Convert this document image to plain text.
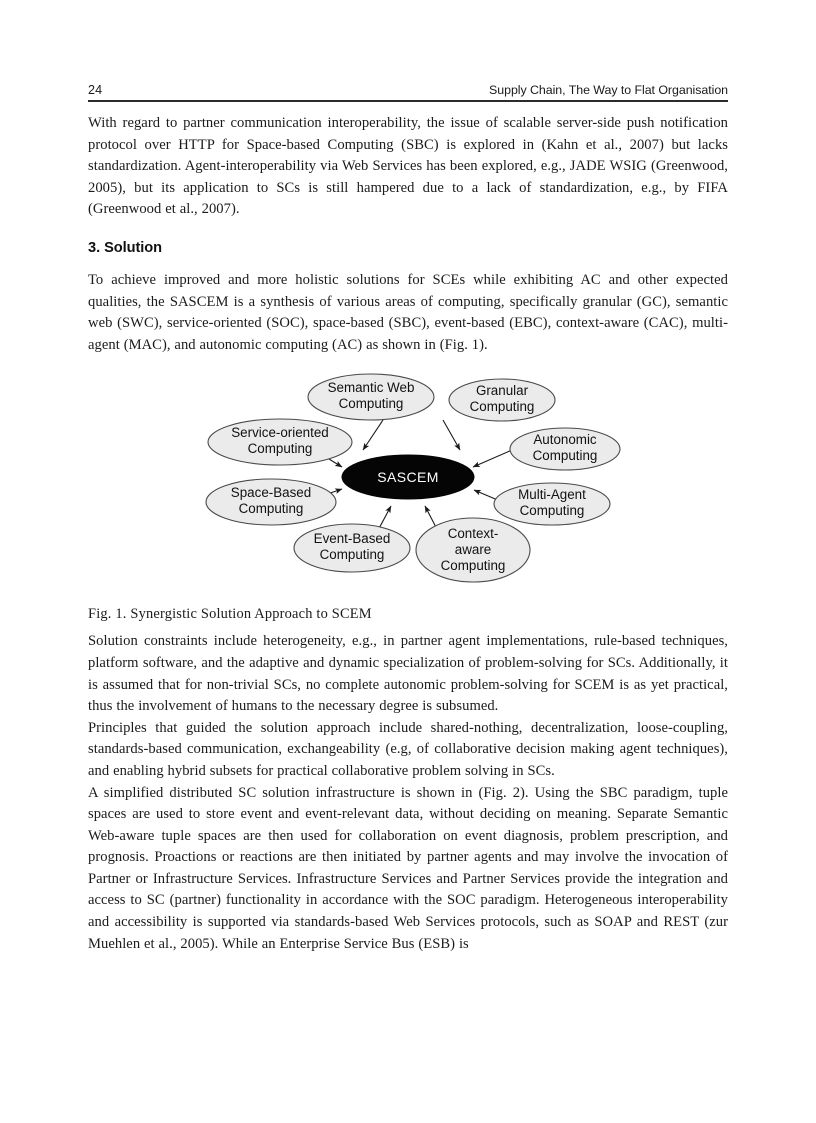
24	Supply Chain, The Way to Flat Organisation

With regard to partner communication interoperability, the issue of scalable server-side push notification protocol over HTTP for Space-based Computing (SBC) is explored in (Kahn et al., 2007) but lacks standardization. Agent-interoperability via Web Services has been explored, e.g., JADE WSIG (Greenwood, 2005), but its application to SCs is still hampered due to a lack of standardization, e.g., by FIFA (Greenwood et al., 2007).

3. Solution

To achieve improved and more holistic solutions for SCEs while exhibiting AC and other expected qualities, the SASCEM is a synthesis of various areas of computing, specifically granular (GC), semantic web (SWC), service-oriented (SOC), space-based (SBC), event-based (EBC), context-aware (CAC), multi-agent (MAC), and autonomic computing (AC) as shown in (Fig. 1).

Semantic Web
Computing
Granular
Computing
Autonomic
Computing
Multi-Agent
Computing
Context-
aware
Computing
Event-Based
Computing
Space-Based
Computing
Service-oriented
Computing
SASCEM

Fig. 1. Synergistic Solution Approach to SCEM

Solution constraints include heterogeneity, e.g., in partner agent implementations, rule-based techniques, platform software, and the adaptive and dynamic specialization of problem-solving for SCs. Additionally, it is assumed that for non-trivial SCs, no complete autonomic problem-solving for SCEM is as yet practical, thus the involvement of humans to the necessary degree is subsumed.

Principles that guided the solution approach include shared-nothing, decentralization, loose-coupling, standards-based communication, exchangeability (e.g, of collaborative decision making agent techniques), and enabling hybrid subsets for practical collaborative problem solving in SCs.

A simplified distributed SC solution infrastructure is shown in (Fig. 2). Using the SBC paradigm, tuple spaces are used to store event and event-relevant data, without deciding on meaning. Separate Semantic Web-aware tuple spaces are then used for collaboration on event diagnosis, problem prescription, and prognosis. Proactions or reactions are then initiated by partner agents and may involve the invocation of Partner or Infrastructure Services. Infrastructure Services and Partner Services provide the integration and access to SC (partner) functionality in accordance with the SOC paradigm. Heterogeneous interoperability and accessibility is supported via standards-based Web Services protocols, such as SOAP and REST (zur Muehlen et al., 2005). While an Enterprise Service Bus (ESB) is
